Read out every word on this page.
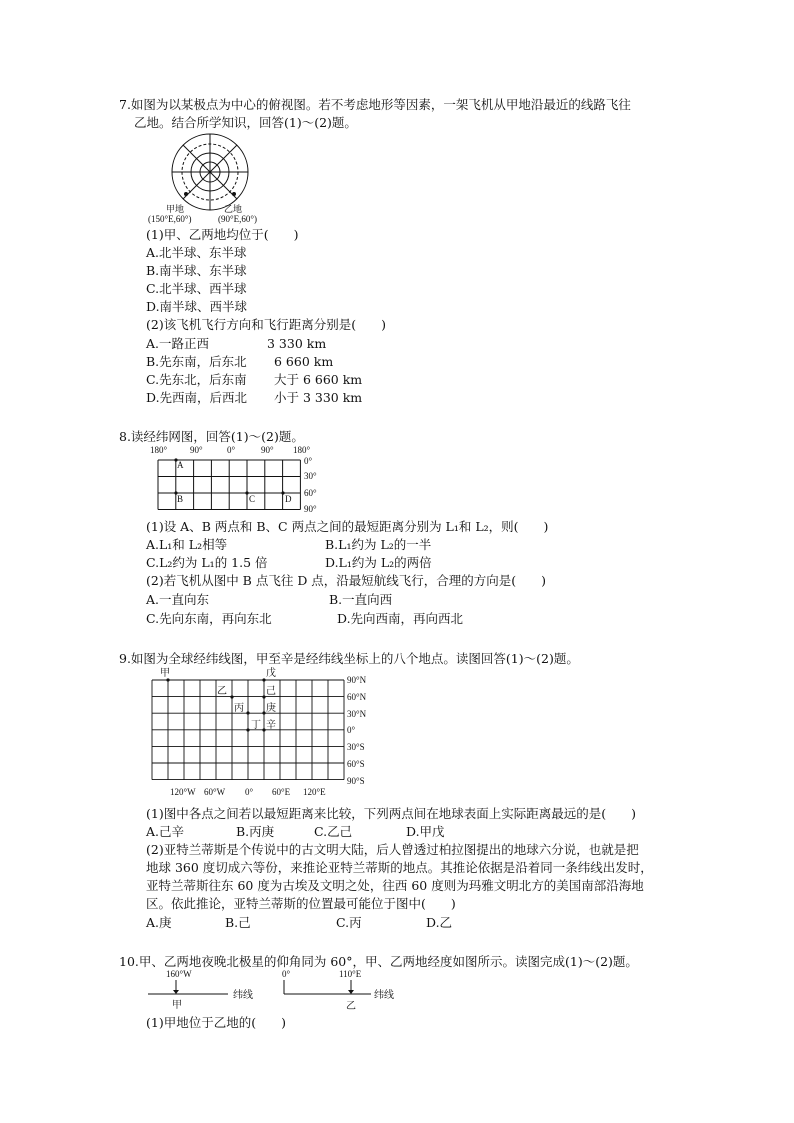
7.如图为以某极点为中心的俯视图。若不考虑地形等因素，一架飞机从甲地沿最近的线路飞往
乙地。结合所学知识，回答(1)～(2)题。
甲地	乙地
(150°E,60°)	(90°E,60°)
(1)甲、乙两地均位于(　　)
A.北半球、东半球
B.南半球、东半球
C.北半球、西半球
D.南半球、西半球
(2)该飞机飞行方向和飞行距离分别是(　　)
A.一路正西	3 330 km
B.先东南，后东北 6 660 km
C.先东北，后东南 大于 6 660 km
D.先西南，后西北 小于 3 330 km
8.读经纬网图，回答(1)～(2)题。
180°	90°	0°	90° 180°
0°
30°
60°
90°
A
B	C	D
(1)设 A、B 两点和 B、C 两点之间的最短距离分别为 L₁和 L₂，则(　　)
A.L₁和 L₂相等	B.L₁约为 L₂的一半
C.L₂约为 L₁的 1.5 倍	D.L₁约为 L₂的两倍
(2)若飞机从图中 B 点飞往 D 点，沿最短航线飞行，合理的方向是(　　)
A.一直向东	B.一直向西
C.先向东南，再向东北	D.先向西南，再向西北
9.如图为全球经纬线图，甲至辛是经纬线坐标上的八个地点。读图回答(1)～(2)题。
甲	戊
己
乙
丙 庚
丁 辛
90°N
60°N
30°N
0°
30°S
60°S
90°S
120°W 60°W 0° 60°E 120°E
(1)图中各点之间若以最短距离来比较，下列两点间在地球表面上实际距离最远的是(　　)
A.己辛	B.丙庚	C.乙己	D.甲戊
(2)亚特兰蒂斯是个传说中的古文明大陆，后人曾透过柏拉图提出的地球六分说，也就是把
地球 360 度切成六等份，来推论亚特兰蒂斯的地点。其推论依据是沿着同一条纬线出发时，
亚特兰蒂斯往东 60 度为古埃及文明之处，往西 60 度则为玛雅文明北方的美国南部沿海地
区。依此推论，亚特兰蒂斯的位置最可能位于图中(　　)
A.庚	B.己	C.丙	D.乙
10.甲、乙两地夜晚北极星的仰角同为 60°，甲、乙两地经度如图所示。读图完成(1)～(2)题。
160°W
甲
纬线
0°	110°E
乙
纬线
(1)甲地位于乙地的(　　)
